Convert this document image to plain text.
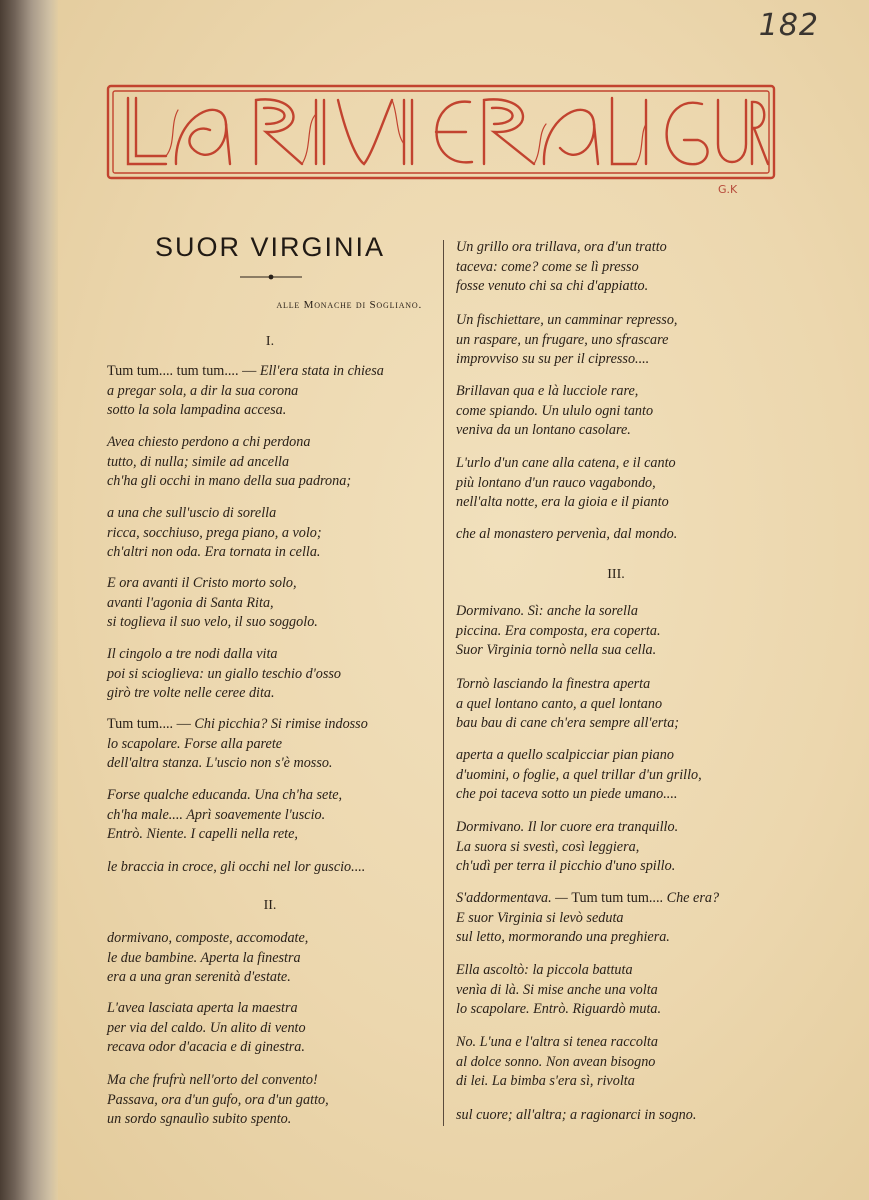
182
G.K
SUOR VIRGINIA
alle Monache di Sogliano.
I.
Tum tum.... tum tum.... — Ell'era stata in chiesa
a pregar sola, a dir la sua corona
sotto la sola lampadina accesa.
Avea chiesto perdono a chi perdona
tutto, di nulla; simile ad ancella
ch'ha gli occhi in mano della sua padrona;
a una che sull'uscio di sorella
ricca, socchiuso, prega piano, a volo;
ch'altri non oda. Era tornata in cella.
E ora avanti il Cristo morto solo,
avanti l'agonia di Santa Rita,
si toglieva il suo velo, il suo soggolo.
Il cingolo a tre nodi dalla vita
poi si scioglieva: un giallo teschio d'osso
girò tre volte nelle ceree dita.
Tum tum.... — Chi picchia? Si rimise indosso
lo scapolare. Forse alla parete
dell'altra stanza. L'uscio non s'è mosso.
Forse qualche educanda. Una ch'ha sete,
ch'ha male.... Aprì soavemente l'uscio.
Entrò. Niente. I capelli nella rete,
le braccia in croce, gli occhi nel lor guscio....
II.
dormivano, composte, accomodate,
le due bambine. Aperta la finestra
era a una gran serenità d'estate.
L'avea lasciata aperta la maestra
per via del caldo. Un alito di vento
recava odor d'acacia e di ginestra.
Ma che frufrù nell'orto del convento!
Passava, ora d'un gufo, ora d'un gatto,
un sordo sgnaulìo subito spento.
Un grillo ora trillava, ora d'un tratto
taceva: come? come se lì presso
fosse venuto chi sa chi d'appiatto.
Un fischiettare, un camminar represso,
un raspare, un frugare, uno sfrascare
improvviso su su per il cipresso....
Brillavan qua e là lucciole rare,
come spiando. Un ululo ogni tanto
veniva da un lontano casolare.
L'urlo d'un cane alla catena, e il canto
più lontano d'un rauco vagabondo,
nell'alta notte, era la gioia e il pianto
che al monastero pervenìa, dal mondo.
III.
Dormivano. Sì: anche la sorella
piccina. Era composta, era coperta.
Suor Virginia tornò nella sua cella.
Tornò lasciando la finestra aperta
a quel lontano canto, a quel lontano
bau bau di cane ch'era sempre all'erta;
aperta a quello scalpicciar pian piano
d'uomini, o foglie, a quel trillar d'un grillo,
che poi taceva sotto un piede umano....
Dormivano. Il lor cuore era tranquillo.
La suora si svestì, così leggiera,
ch'udì per terra il picchio d'uno spillo.
S'addormentava. — Tum tum tum.... Che era?
E suor Virginia si levò seduta
sul letto, mormorando una preghiera.
Ella ascoltò: la piccola battuta
venìa di là. Si mise anche una volta
lo scapolare. Entrò. Riguardò muta.
No. L'una e l'altra si tenea raccolta
al dolce sonno. Non avean bisogno
di lei. La bimba s'era sì, rivolta
sul cuore; all'altra; a ragionarci in sogno.
